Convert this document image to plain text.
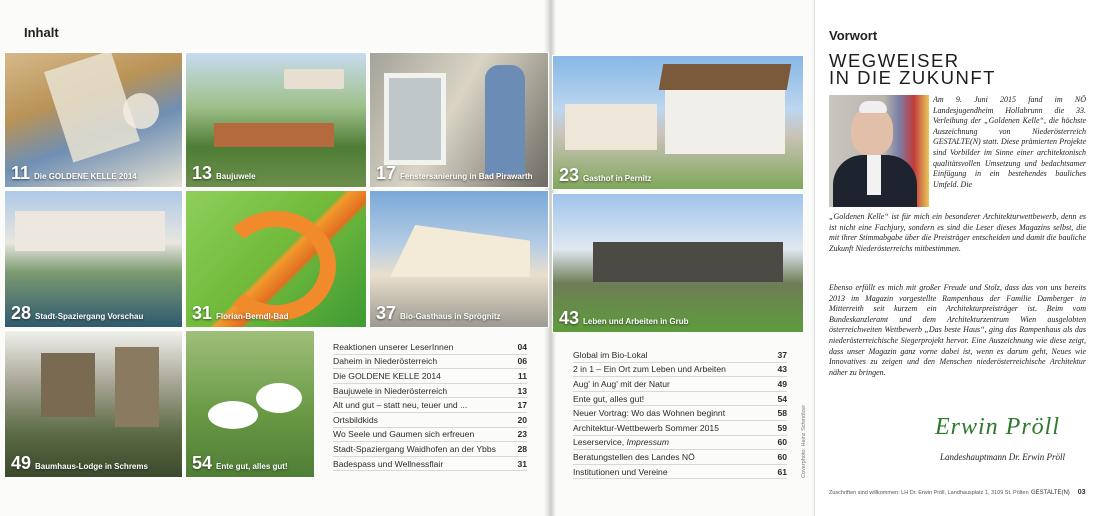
Inhalt
11 Die GOLDENE KELLE 2014	13 Baujuwele	17 Fenstersanierung in Bad Pirawarth 23 Gasthof in Pernitz
28 Stadt-Spaziergang Vorschau	31 Florian-Berndl-Bad	37 Bio-Gasthaus in Sprögnitz	43 Leben und Arbeiten in Grub
49 Baumhaus-Lodge in Schrems 54 Ente gut, alles gut!
Reaktionen unserer LeserInnen	04
Daheim in Niederösterreich	06
Die GOLDENE KELLE 2014	11
Baujuwele in Niederösterreich	13
Alt und gut – statt neu, teuer und ...	17
Ortsbildkids	20
Wo Seele und Gaumen sich erfreuen	23
Stadt-Spaziergang Waidhofen an der Ybbs	28
Badespass und Wellnessflair	31
Global im Bio-Lokal	37
2 in 1 – Ein Ort zum Leben und Arbeiten	43
Aug' in Aug' mit der Natur	49
Ente gut, alles gut!	54
Neuer Vortrag: Wo das Wohnen beginnt	58
Architektur-Wettbewerb Sommer 2015	59
Leserservice, Impressum	60
Beratungstellen des Landes NÖ	60
Institutionen und Vereine	61	Coverphoto: Heinz Schmölzer
Vorwort
WEGWEISER
IN DIE ZUKUNFT
Am 9. Juni 2015 fand im NÖ Landesjugendheim Hollabrunn die 33. Verleihung der „Goldenen Kelle“, die höchste Auszeichnung von Niederösterreich GESTALTE(N) statt. Diese prämierten Projekte sind Vorbilder im Sinne einer architektonisch qualitätsvollen Umsetzung und bedachtsamer Einfügung in ein bestehendes bauliches Umfeld. Die
„Goldenen Kelle“ ist für mich ein besonderer Architekturwettbewerb, denn es ist nicht eine Fachjury, sondern es sind die Leser dieses Magazins selbst, die mit ihrer Stimmabgabe über die Preisträger entscheiden und damit die bauliche Zukunft Niederösterreichs mitbestimmen.
Ebenso erfüllt es mich mit großer Freude und Stolz, dass das von uns bereits 2013 im Magazin vorgestellte Rampenhaus der Familie Damberger in Mitterreith seit kurzem ein Architekturpreisträger ist. Beim vom Bundeskanzleramt und dem Architekturzentrum Wien ausgelobten österreichweiten Wettbewerb „Das beste Haus“, ging das Rampenhaus als das niederösterreichische Siegerprojekt hervor. Eine Auszeichnung wie diese zeigt, dass unser Magazin ganz vorne dabei ist, wenn es darum geht, Neues wie Innovatives zu zeigen und den Menschen niederösterreichische Architektur näher zu bringen.
Erwin Pröll
Landeshauptmann Dr. Erwin Pröll
Zuschriften sind willkommen: LH Dr. Erwin Pröll, Landhausplatz 1, 3109 St. Pölten GESTALTE(N) 03
